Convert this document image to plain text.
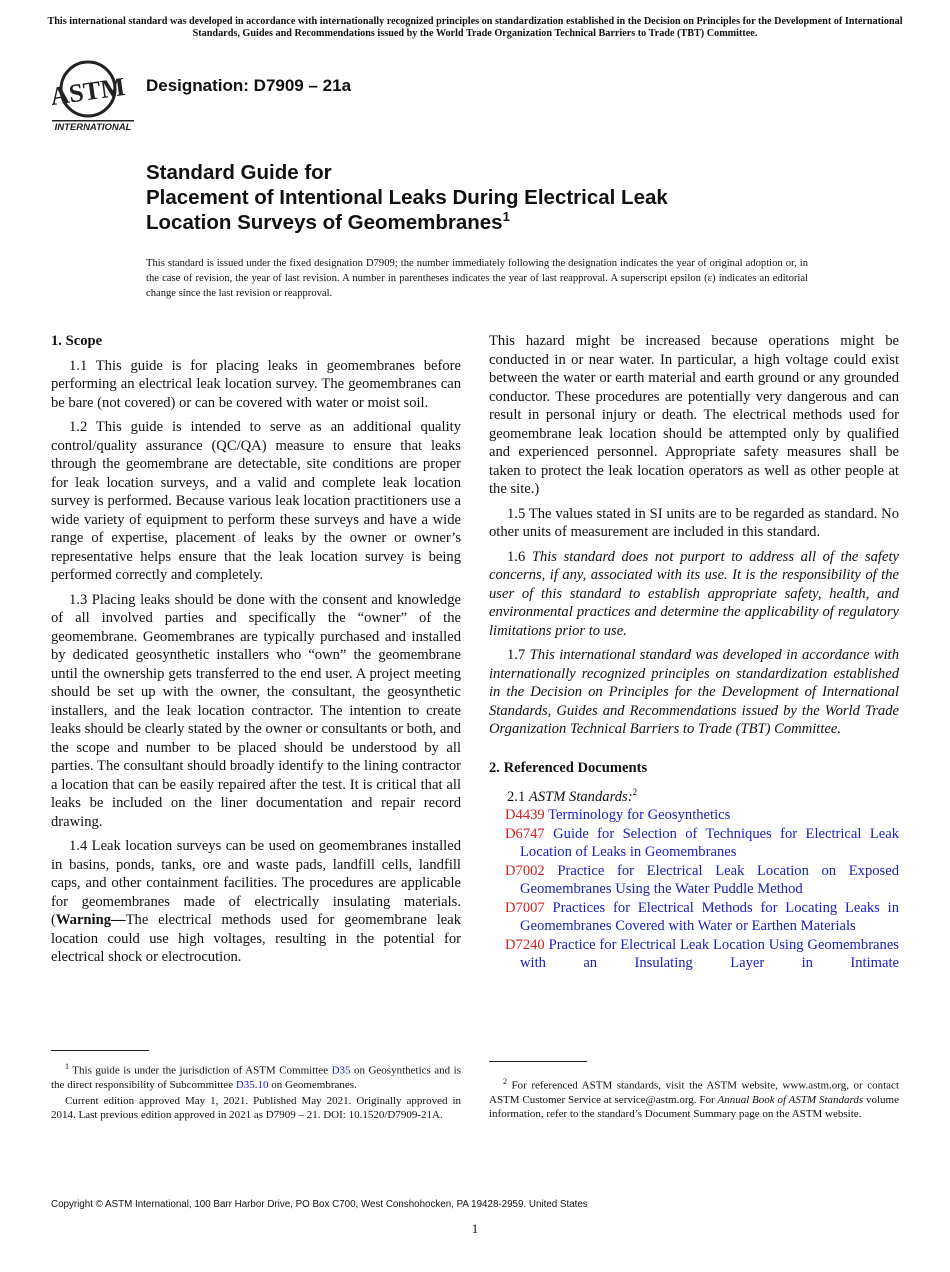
This international standard was developed in accordance with internationally recognized principles on standardization established in the Decision on Principles for the Development of International Standards, Guides and Recommendations issued by the World Trade Organization Technical Barriers to Trade (TBT) Committee.
ASTM
INTERNATIONAL
Designation: D7909 – 21a
Standard Guide for
Placement of Intentional Leaks During Electrical Leak
Location Surveys of Geomembranes$^1$
This standard is issued under the fixed designation D7909; the number immediately following the designation indicates the year of original adoption or, in the case of revision, the year of last revision. A number in parentheses indicates the year of last reapproval. A superscript epsilon (ε) indicates an editorial change since the last revision or reapproval.
1. Scope

1.1 This guide is for placing leaks in geomembranes before performing an electrical leak location survey. The geomembranes can be bare (not covered) or can be covered with water or moist soil.

1.2 This guide is intended to serve as an additional quality control/quality assurance (QC/QA) measure to ensure that leaks through the geomembrane are detectable, site conditions are proper for leak location surveys, and a valid and complete leak location survey is performed. Because various leak location practitioners use a wide variety of equipment to perform these surveys and have a wide range of expertise, placement of leaks by the owner or owner’s representative helps ensure that the leak location survey is being performed correctly and completely.

1.3 Placing leaks should be done with the consent and knowledge of all involved parties and specifically the “owner” of the geomembrane. Geomembranes are typically purchased and installed by dedicated geosynthetic installers who “own” the geomembrane until the ownership gets transferred to the end user. A project meeting should be set up with the owner, the consultant, the geosynthetic installers, and the leak location contractor. The intention to create leaks should be clearly stated by the owner or consultants or both, and the scope and number to be placed should be understood by all parties. The consultant should broadly identify to the lining contractor a location that can be easily repaired after the test. It is critical that all leaks be included on the liner documentation and repair record drawing.

1.4 Leak location surveys can be used on geomembranes installed in basins, ponds, tanks, ore and waste pads, landfill cells, landfill caps, and other containment facilities. The procedures are applicable for geomembranes made of electrically insulating materials. (Warning—The electrical methods used for geomembrane leak location could use high voltages, resulting in the potential for electrical shock or electrocution.

This hazard might be increased because operations might be conducted in or near water. In particular, a high voltage could exist between the water or earth material and earth ground or any grounded conductor. These procedures are potentially very dangerous and can result in personal injury or death. The electrical methods used for geomembrane leak location should be attempted only by qualified and experienced personnel. Appropriate safety measures shall be taken to protect the leak location operators as well as other people at the site.)

1.5 The values stated in SI units are to be regarded as standard. No other units of measurement are included in this standard.

1.6 This standard does not purport to address all of the safety concerns, if any, associated with its use. It is the responsibility of the user of this standard to establish appropriate safety, health, and environmental practices and determine the applicability of regulatory limitations prior to use.

1.7 This international standard was developed in accordance with internationally recognized principles on standardization established in the Decision on Principles for the Development of International Standards, Guides and Recommendations issued by the World Trade Organization Technical Barriers to Trade (TBT) Committee.

2. Referenced Documents

2.1 ASTM Standards:$^2$

D4439 Terminology for Geosynthetics
D6747 Guide for Selection of Techniques for Electrical Leak Location of Leaks in Geomembranes
D7002 Practice for Electrical Leak Location on Exposed Geomembranes Using the Water Puddle Method
D7007 Practices for Electrical Methods for Locating Leaks in Geomembranes Covered with Water or Earthen Materials
D7240 Practice for Electrical Leak Location Using Geomembranes with an Insulating Layer in Intimate

$^1$ This guide is under the jurisdiction of ASTM Committee D35 on Geosynthetics and is the direct responsibility of Subcommittee D35.10 on Geomembranes.

Current edition approved May 1, 2021. Published May 2021. Originally approved in 2014. Last previous edition approved in 2021 as D7909 – 21. DOI: 10.1520/D7909-21A.

$^2$ For referenced ASTM standards, visit the ASTM website, www.astm.org, or contact ASTM Customer Service at service@astm.org. For Annual Book of ASTM Standards volume information, refer to the standard’s Document Summary page on the ASTM website.

Copyright © ASTM International, 100 Barr Harbor Drive, PO Box C700, West Conshohocken, PA 19428-2959. United States
1
